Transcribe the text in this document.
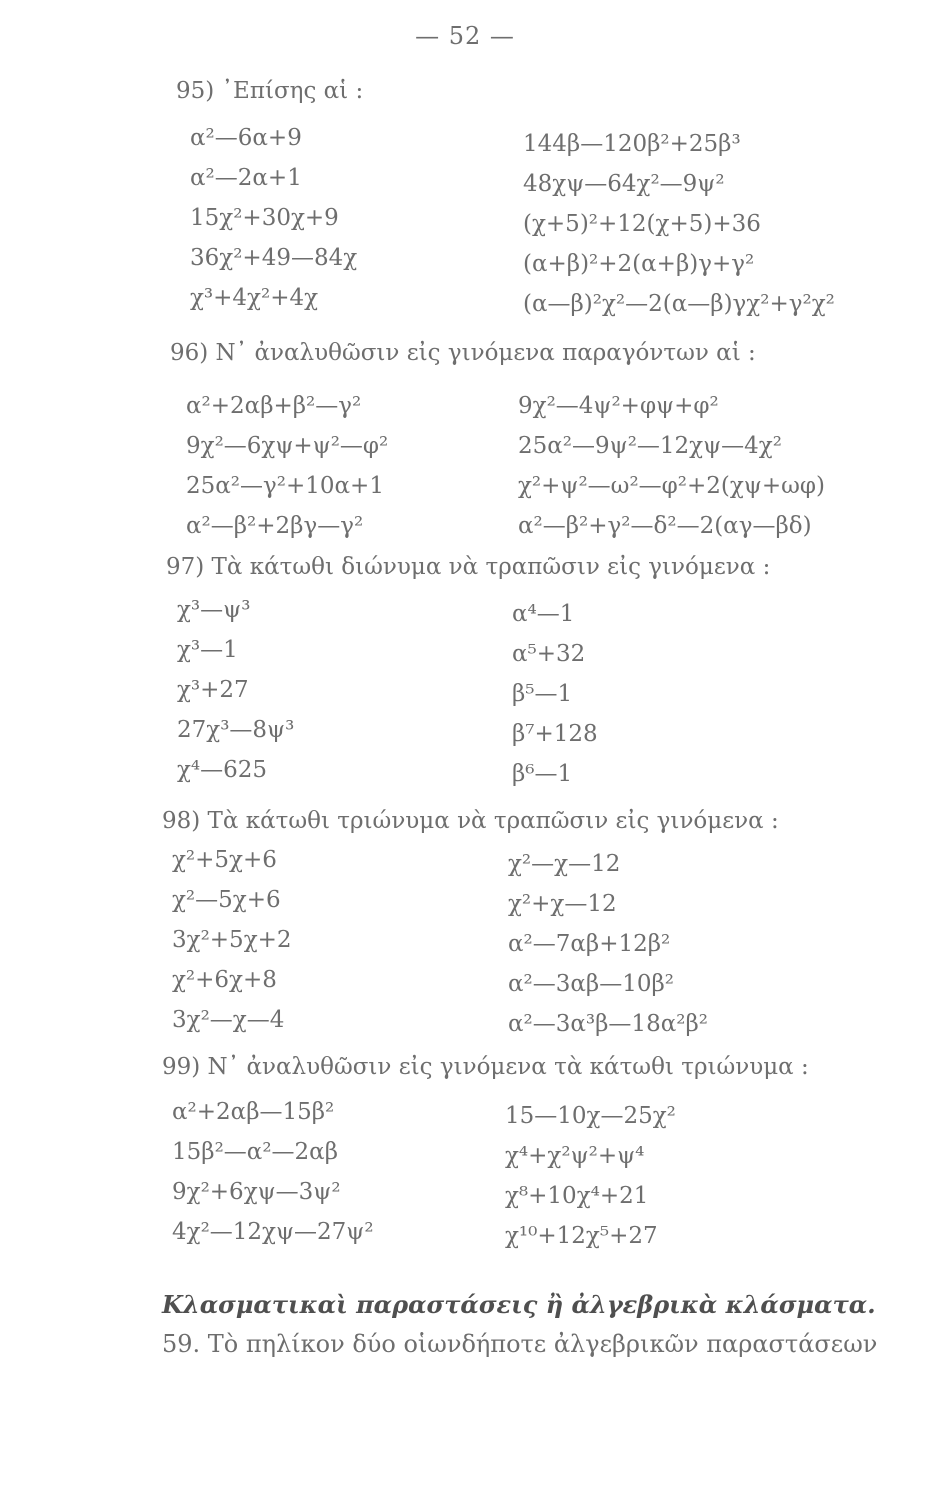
— 52 —
95) ᾿Επίσης αἱ :
α²—6α+9
α²—2α+1
15χ²+30χ+9
36χ²+49—84χ
χ³+4χ²+4χ
144β—120β²+25β³
48χψ—64χ²—9ψ²
(χ+5)²+12(χ+5)+36
(α+β)²+2(α+β)γ+γ²
(α—β)²χ²—2(α—β)γχ²+γ²χ²
96) Ν᾿ ἀναλυθῶσιν εἰς γινόμενα παραγόντων αἱ :
α²+2αβ+β²—γ²
9χ²—6χψ+ψ²—φ²
25α²—γ²+10α+1
α²—β²+2βγ—γ²
9χ²—4ψ²+φψ+φ²
25α²—9ψ²—12χψ—4χ²
χ²+ψ²—ω²—φ²+2(χψ+ωφ)
α²—β²+γ²—δ²—2(αγ—βδ)
97) Τὰ κάτωθι διώνυμα νὰ τραπῶσιν εἰς γινόμενα :
χ³—ψ³
χ³—1
χ³+27
27χ³—8ψ³
χ⁴—625
α⁴—1
α⁵+32
β⁵—1
β⁷+128
β⁶—1
98) Τὰ κάτωθι τριώνυμα νὰ τραπῶσιν εἰς γινόμενα :
χ²+5χ+6
χ²—5χ+6
3χ²+5χ+2
χ²+6χ+8
3χ²—χ—4
χ²—χ—12
χ²+χ—12
α²—7αβ+12β²
α²—3αβ—10β²
α²—3α³β—18α²β²
99) Ν᾿ ἀναλυθῶσιν εἰς γινόμενα τὰ κάτωθι τριώνυμα :
α²+2αβ—15β²
15β²—α²—2αβ
9χ²+6χψ—3ψ²
4χ²—12χψ—27ψ²
15—10χ—25χ²
χ⁴+χ²ψ²+ψ⁴
χ⁸+10χ⁴+21
χ¹⁰+12χ⁵+27
Κλασματικαὶ παραστάσεις ἢ ἀλγεβρικὰ κλάσματα.
59. Τὸ πηλίκον δύο οἱωνδήποτε ἀλγεβρικῶν παραστάσεων
